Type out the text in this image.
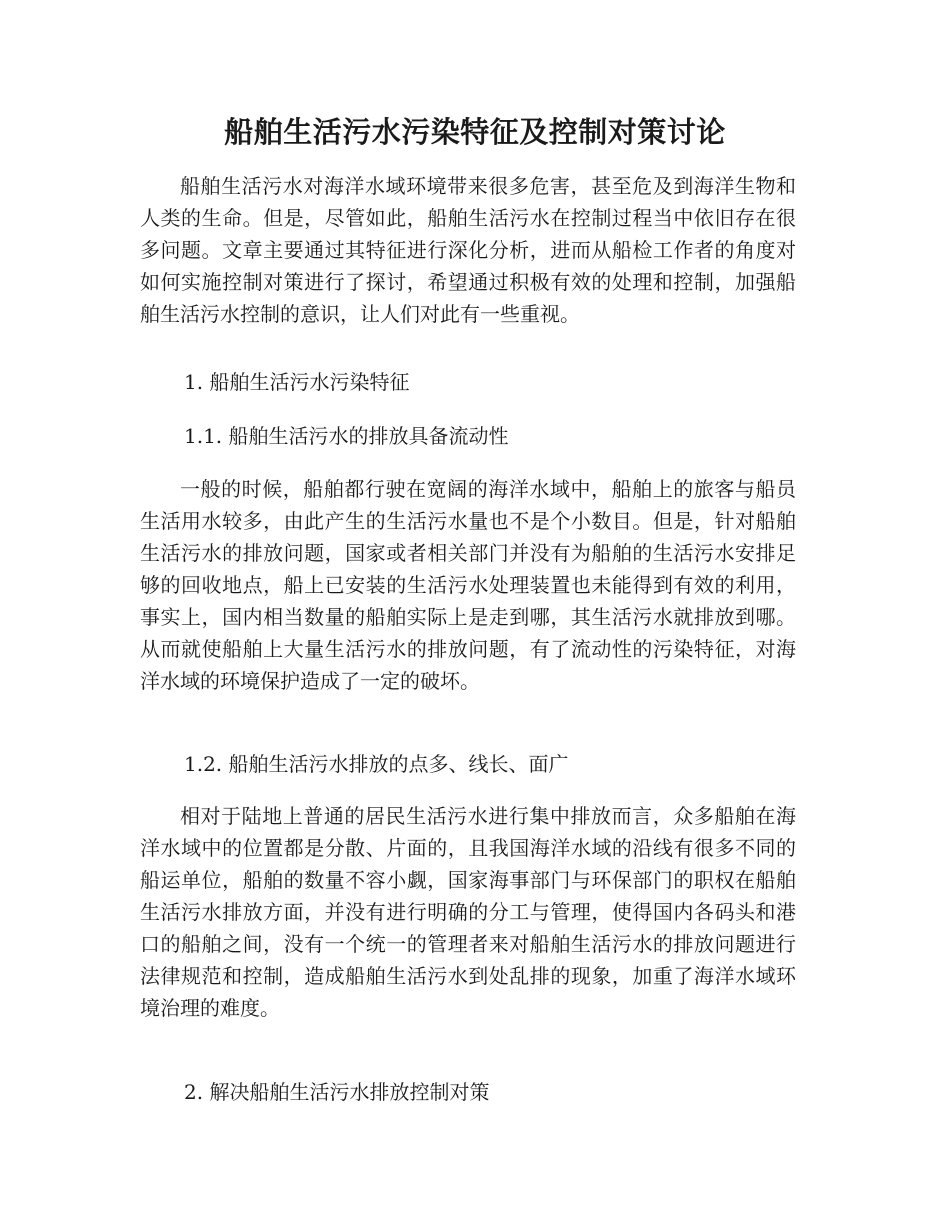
船舶生活污水污染特征及控制对策讨论

船舶生活污水对海洋水域环境带来很多危害，甚至危及到海洋生物和人类的生命。但是，尽管如此，船舶生活污水在控制过程当中依旧存在很多问题。文章主要通过其特征进行深化分析，进而从船检工作者的角度对如何实施控制对策进行了探讨，希望通过积极有效的处理和控制，加强船舶生活污水控制的意识，让人们对此有一些重视。

1. 船舶生活污水污染特征

1.1. 船舶生活污水的排放具备流动性

一般的时候，船舶都行驶在宽阔的海洋水域中，船舶上的旅客与船员生活用水较多，由此产生的生活污水量也不是个小数目。但是，针对船舶生活污水的排放问题，国家或者相关部门并没有为船舶的生活污水安排足够的回收地点，船上已安装的生活污水处理装置也未能得到有效的利用，事实上，国内相当数量的船舶实际上是走到哪，其生活污水就排放到哪。从而就使船舶上大量生活污水的排放问题，有了流动性的污染特征，对海洋水域的环境保护造成了一定的破坏。

1.2. 船舶生活污水排放的点多、线长、面广

相对于陆地上普通的居民生活污水进行集中排放而言，众多船舶在海洋水域中的位置都是分散、片面的，且我国海洋水域的沿线有很多不同的船运单位，船舶的数量不容小觑，国家海事部门与环保部门的职权在船舶生活污水排放方面，并没有进行明确的分工与管理，使得国内各码头和港口的船舶之间，没有一个统一的管理者来对船舶生活污水的排放问题进行法律规范和控制，造成船舶生活污水到处乱排的现象，加重了海洋水域环境治理的难度。

2. 解决船舶生活污水排放控制对策
